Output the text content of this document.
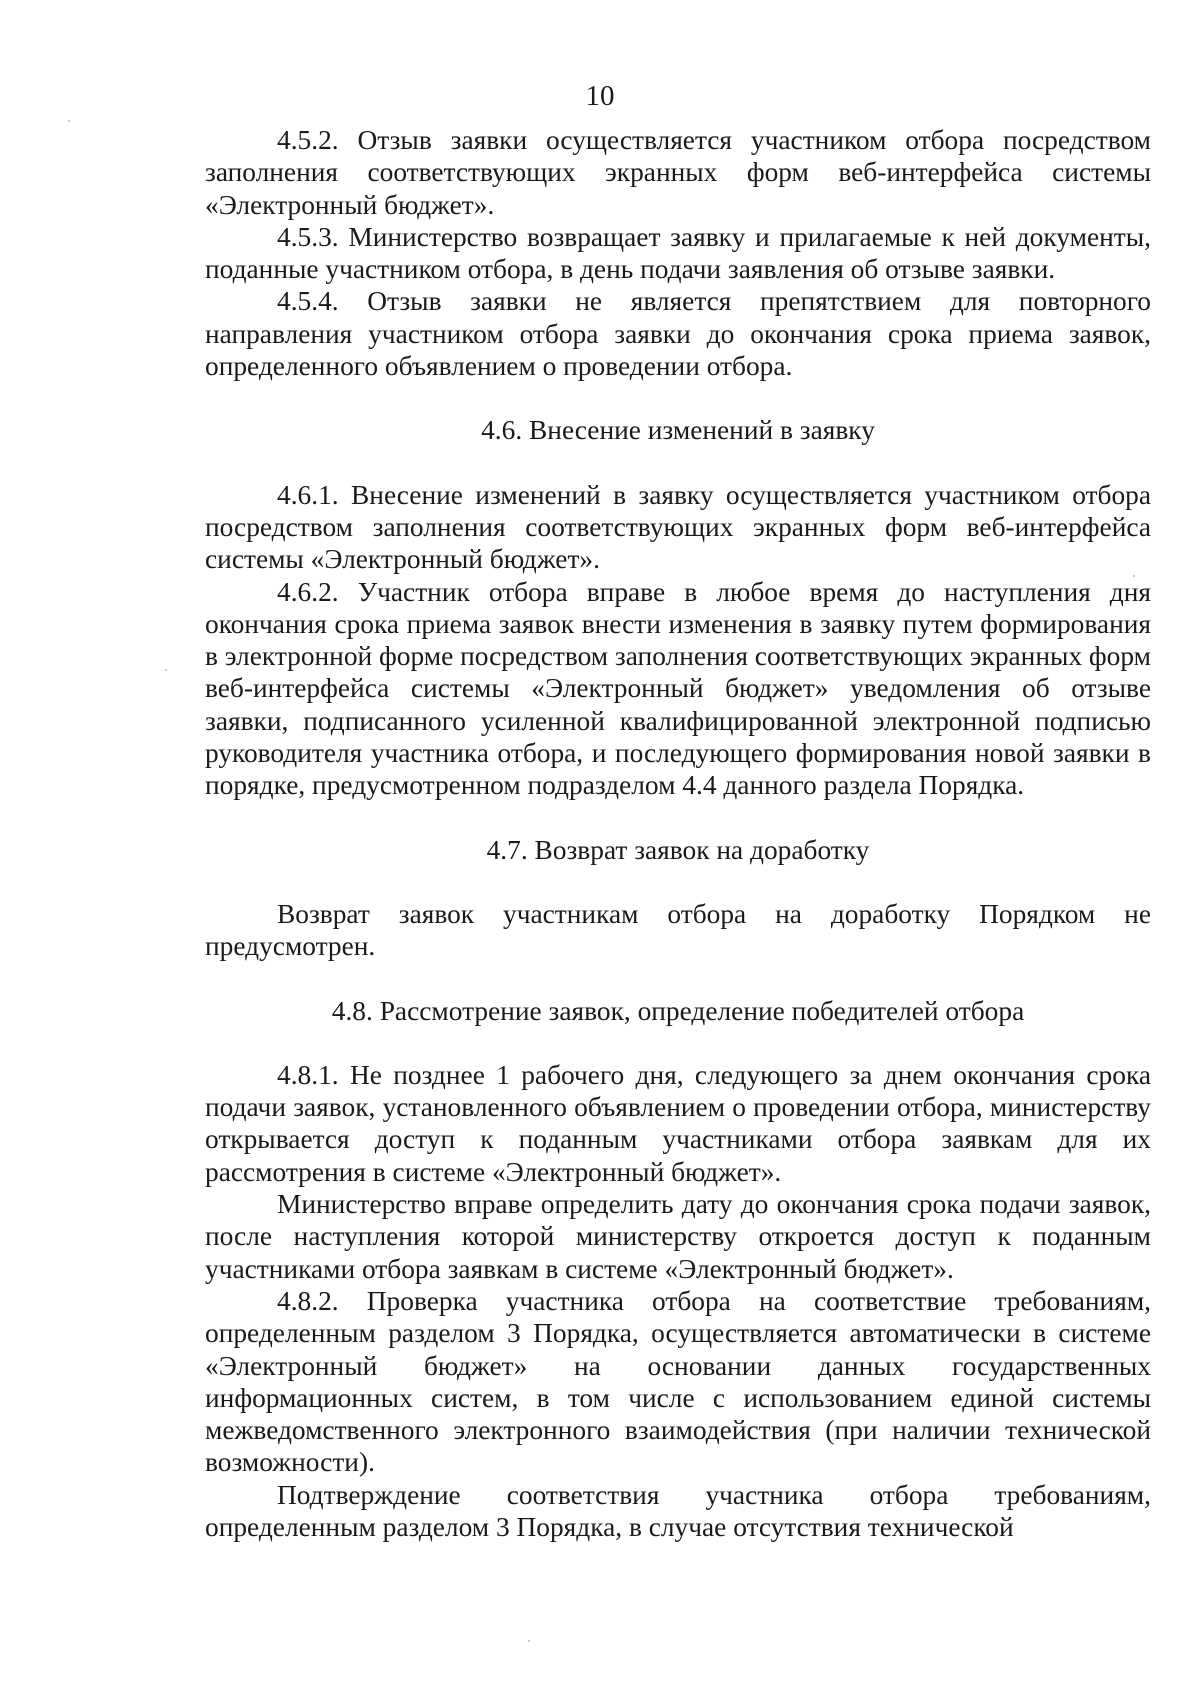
10

4.5.2. Отзыв заявки осуществляется участником отбора посредством заполнения соответствующих экранных форм веб-интерфейса системы «Электронный бюджет».

4.5.3. Министерство возвращает заявку и прилагаемые к ней документы, поданные участником отбора, в день подачи заявления об отзыве заявки.

4.5.4. Отзыв заявки не является препятствием для повторного направления участником отбора заявки до окончания срока приема заявок, определенного объявлением о проведении отбора.

4.6. Внесение изменений в заявку

4.6.1. Внесение изменений в заявку осуществляется участником отбора посредством заполнения соответствующих экранных форм веб-интерфейса системы «Электронный бюджет».

4.6.2. Участник отбора вправе в любое время до наступления дня окончания срока приема заявок внести изменения в заявку путем формирования в электронной форме посредством заполнения соответствующих экранных форм веб-интерфейса системы «Электронный бюджет» уведомления об отзыве заявки, подписанного усиленной квалифицированной электронной подписью руководителя участника отбора, и последующего формирования новой заявки в порядке, предусмотренном подразделом 4.4 данного раздела Порядка.

4.7. Возврат заявок на доработку

Возврат заявок участникам отбора на доработку Порядком не предусмотрен.

4.8. Рассмотрение заявок, определение победителей отбора

4.8.1. Не позднее 1 рабочего дня, следующего за днем окончания срока подачи заявок, установленного объявлением о проведении отбора, министерству открывается доступ к поданным участниками отбора заявкам для их рассмотрения в системе «Электронный бюджет».

Министерство вправе определить дату до окончания срока подачи заявок, после наступления которой министерству откроется доступ к поданным участниками отбора заявкам в системе «Электронный бюджет».

4.8.2. Проверка участника отбора на соответствие требованиям, определенным разделом 3 Порядка, осуществляется автоматически в системе «Электронный бюджет» на основании данных государственных информационных систем, в том числе с использованием единой системы межведомственного электронного взаимодействия (при наличии технической возможности).

Подтверждение соответствия участника отбора требованиям, определенным разделом 3 Порядка, в случае отсутствия технической
